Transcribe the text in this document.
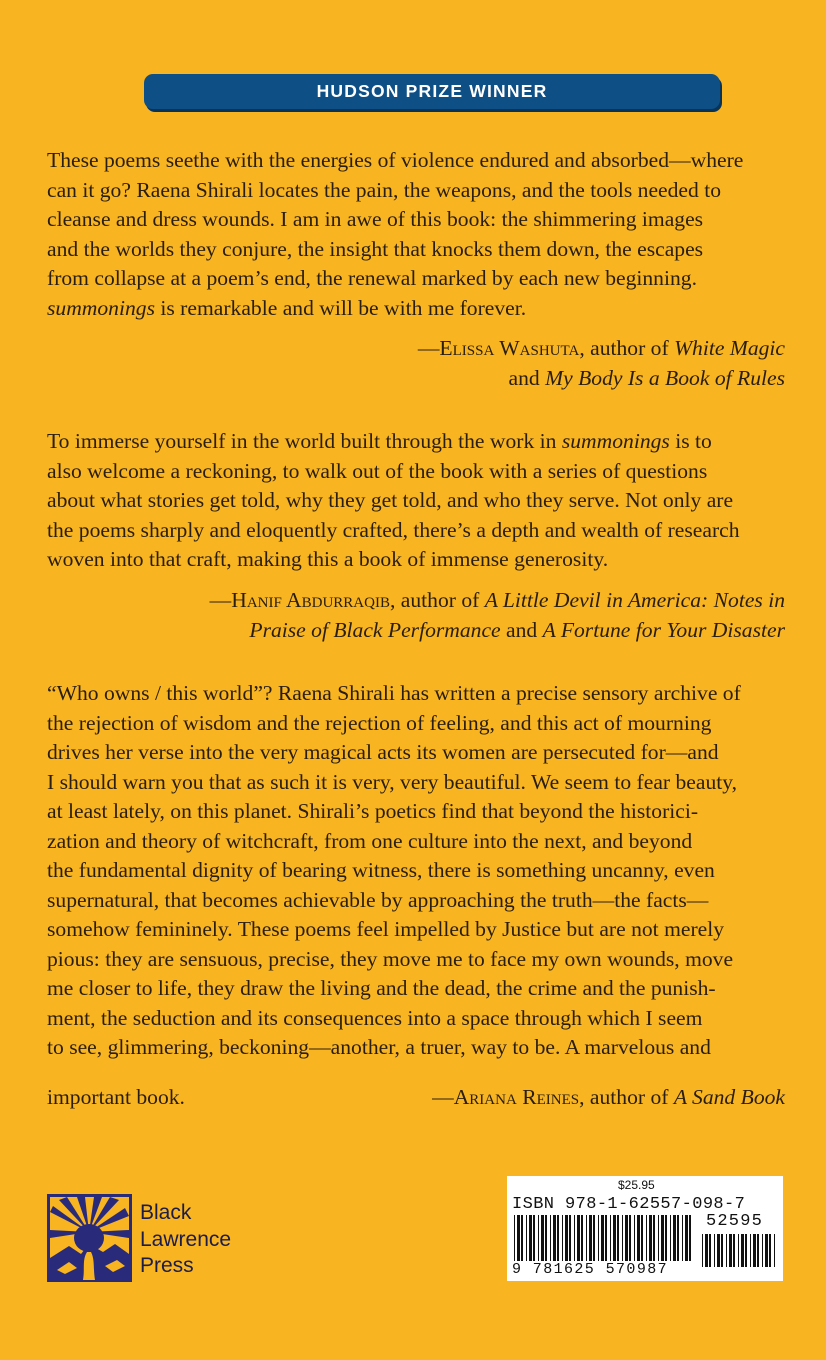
HUDSON PRIZE WINNER
These poems seethe with the energies of violence endured and absorbed—where
can it go? Raena Shirali locates the pain, the weapons, and the tools needed to
cleanse and dress wounds. I am in awe of this book: the shimmering images
and the worlds they conjure, the insight that knocks them down, the escapes
from collapse at a poem’s end, the renewal marked by each new beginning.
summonings is remarkable and will be with me forever.
—Elissa Washuta, author of White Magic
and My Body Is a Book of Rules
To immerse yourself in the world built through the work in summonings is to
also welcome a reckoning, to walk out of the book with a series of questions
about what stories get told, why they get told, and who they serve. Not only are
the poems sharply and eloquently crafted, there’s a depth and wealth of research
woven into that craft, making this a book of immense generosity.
—Hanif Abdurraqib, author of A Little Devil in America: Notes in
Praise of Black Performance and A Fortune for Your Disaster
“Who owns / this world”? Raena Shirali has written a precise sensory archive of
the rejection of wisdom and the rejection of feeling, and this act of mourning
drives her verse into the very magical acts its women are persecuted for—and
I should warn you that as such it is very, very beautiful. We seem to fear beauty,
at least lately, on this planet. Shirali’s poetics find that beyond the historici-
zation and theory of witchcraft, from one culture into the next, and beyond
the fundamental dignity of bearing witness, there is something uncanny, even
supernatural, that becomes achievable by approaching the truth—the facts—
somehow femininely. These poems feel impelled by Justice but are not merely
pious: they are sensuous, precise, they move me to face my own wounds, move
me closer to life, they draw the living and the dead, the crime and the punish-
ment, the seduction and its consequences into a space through which I seem
to see, glimmering, beckoning—another, a truer, way to be. A marvelous and
important book.	—Ariana Reines, author of A Sand Book
Black
Lawrence
Press
$25.95
ISBN 978-1-62557-098-7
52595
9 781625 570987
